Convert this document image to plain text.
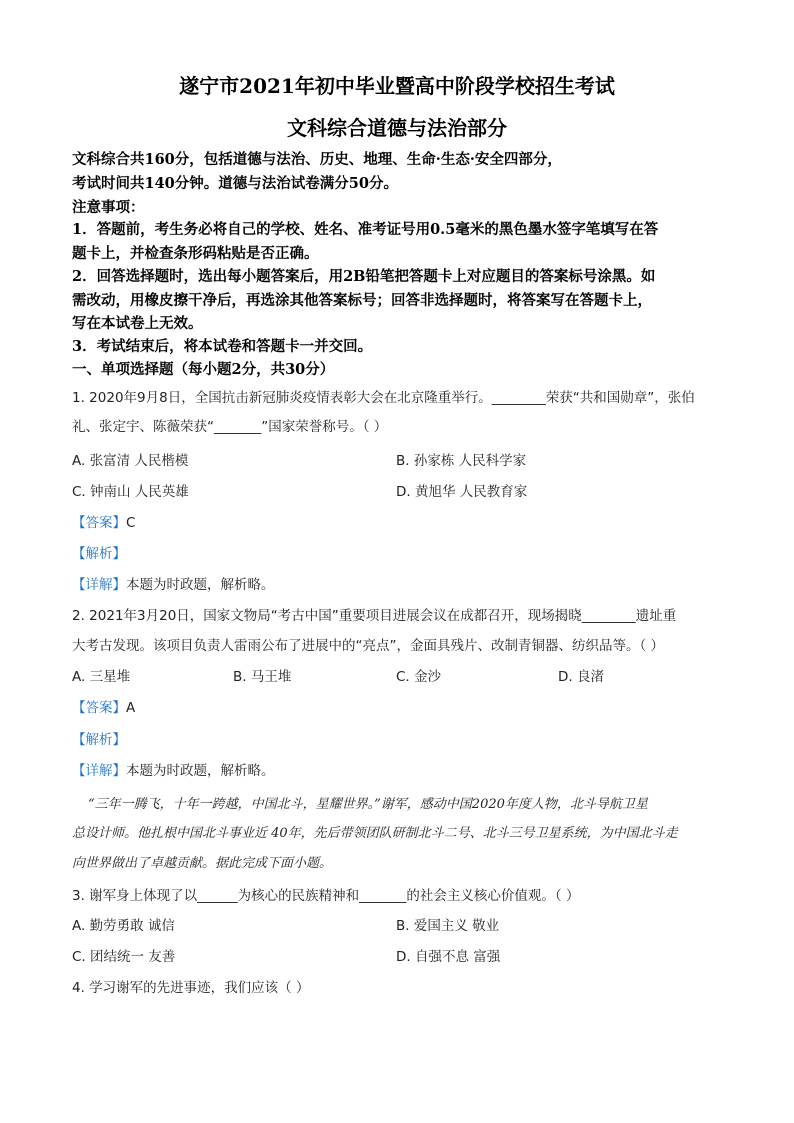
遂宁市2021年初中毕业暨高中阶段学校招生考试
文科综合道德与法治部分
文科综合共160分，包括道德与法治、历史、地理、生命·生态·安全四部分，
考试时间共140分钟。道德与法治试卷满分50分。
注意事项：
1．答题前，考生务必将自己的学校、姓名、准考证号用0.5毫米的黑色墨水签字笔填写在答
题卡上，并检查条形码粘贴是否正确。
2．回答选择题时，选出每小题答案后，用2B铅笔把答题卡上对应题目的答案标号涂黑。如
需改动，用橡皮擦干净后，再选涂其他答案标号；回答非选择题时，将答案写在答题卡上，
写在本试卷上无效。
3．考试结束后，将本试卷和答题卡一并交回。
一、单项选择题（每小题2分，共30分）
1. 2020年9月8日，全国抗击新冠肺炎疫情表彰大会在北京隆重举行。________荣获“共和国勋章”，张伯
礼、张定宇、陈薇荣获“_______”国家荣誉称号。（ ）
A. 张富清 人民楷模	B. 孙家栋 人民科学家
C. 钟南山 人民英雄	D. 黄旭华 人民教育家
【答案】C
【解析】
【详解】本题为时政题，解析略。
2. 2021年3月20日，国家文物局“考古中国”重要项目进展会议在成都召开，现场揭晓________遗址重
大考古发现。该项目负责人雷雨公布了进展中的“亮点”，金面具残片、改制青铜器、纺织品等。（ ）
A. 三星堆	B. 马王堆	C. 金沙	D. 良渚
【答案】A
【解析】
【详解】本题为时政题，解析略。
“三年一腾飞，十年一跨越，中国北斗，星耀世界。”谢军，感动中国2020年度人物，北斗导航卫星
总设计师。他扎根中国北斗事业近 40年，先后带领团队研制北斗二号、北斗三号卫星系统，为中国北斗走
向世界做出了卓越贡献。据此完成下面小题。
3. 谢军身上体现了以______为核心的民族精神和_______的社会主义核心价值观。（ ）
A. 勤劳勇敢 诚信	B. 爱国主义 敬业
C. 团结统一 友善	D. 自强不息 富强
4. 学习谢军的先进事迹，我们应该（ ）
